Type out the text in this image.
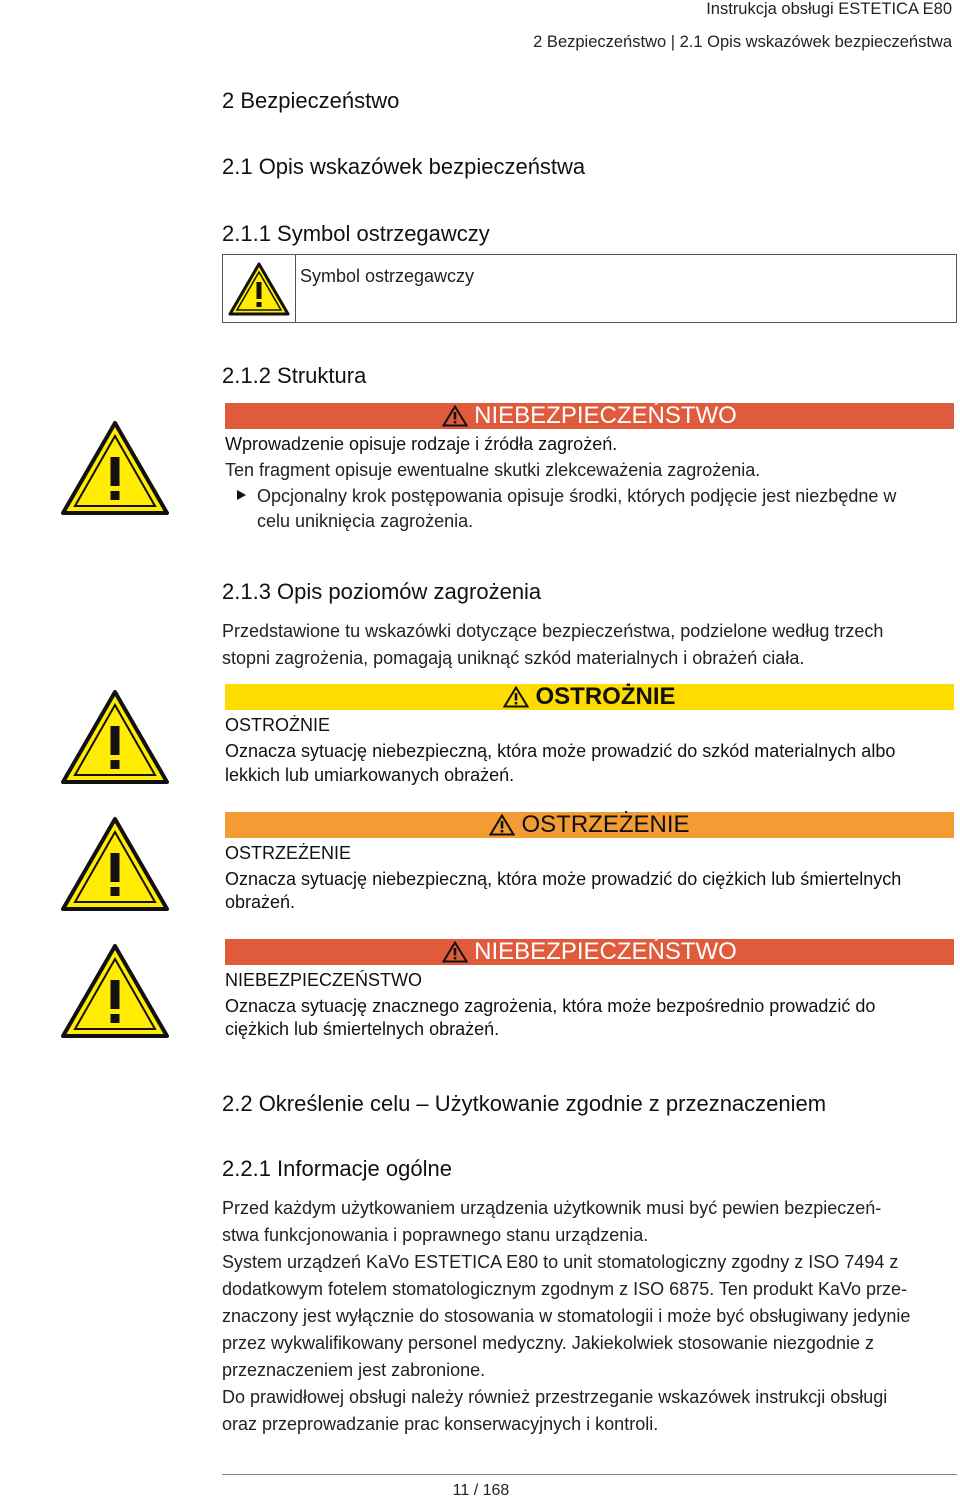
Instrukcja obsługi ESTETICA E80
2 Bezpieczeństwo | 2.1 Opis wskazówek bezpieczeństwa
2 Bezpieczeństwo
2.1 Opis wskazówek bezpieczeństwa
2.1.1 Symbol ostrzegawczy
Symbol ostrzegawczy
2.1.2 Struktura
NIEBEZPIECZEŃSTWO
Wprowadzenie opisuje rodzaje i źródła zagrożeń.
Ten fragment opisuje ewentualne skutki zlekceważenia zagrożenia.
Opcjonalny krok postępowania opisuje środki, których podjęcie jest niezbędne w
celu uniknięcia zagrożenia.
2.1.3 Opis poziomów zagrożenia
Przedstawione tu wskazówki dotyczące bezpieczeństwa, podzielone według trzech
stopni zagrożenia, pomagają uniknąć szkód materialnych i obrażeń ciała.
OSTROŻNIE
OSTROŻNIE
Oznacza sytuację niebezpieczną, która może prowadzić do szkód materialnych albo
lekkich lub umiarkowanych obrażeń.
OSTRZEŻENIE
OSTRZEŻENIE
Oznacza sytuację niebezpieczną, która może prowadzić do ciężkich lub śmiertelnych
obrażeń.
NIEBEZPIECZEŃSTWO
NIEBEZPIECZEŃSTWO
Oznacza sytuację znacznego zagrożenia, która może bezpośrednio prowadzić do
ciężkich lub śmiertelnych obrażeń.
2.2 Określenie celu – Użytkowanie zgodnie z przeznaczeniem
2.2.1 Informacje ogólne
Przed każdym użytkowaniem urządzenia użytkownik musi być pewien bezpieczeń-
stwa funkcjonowania i poprawnego stanu urządzenia.
System urządzeń KaVo ESTETICA E80 to unit stomatologiczny zgodny z ISO 7494 z
dodatkowym fotelem stomatologicznym zgodnym z ISO 6875. Ten produkt KaVo prze-
znaczony jest wyłącznie do stosowania w stomatologii i może być obsługiwany jedynie
przez wykwalifikowany personel medyczny. Jakiekolwiek stosowanie niezgodnie z
przeznaczeniem jest zabronione.
Do prawidłowej obsługi należy również przestrzeganie wskazówek instrukcji obsługi
oraz przeprowadzanie prac konserwacyjnych i kontroli.
11 / 168
